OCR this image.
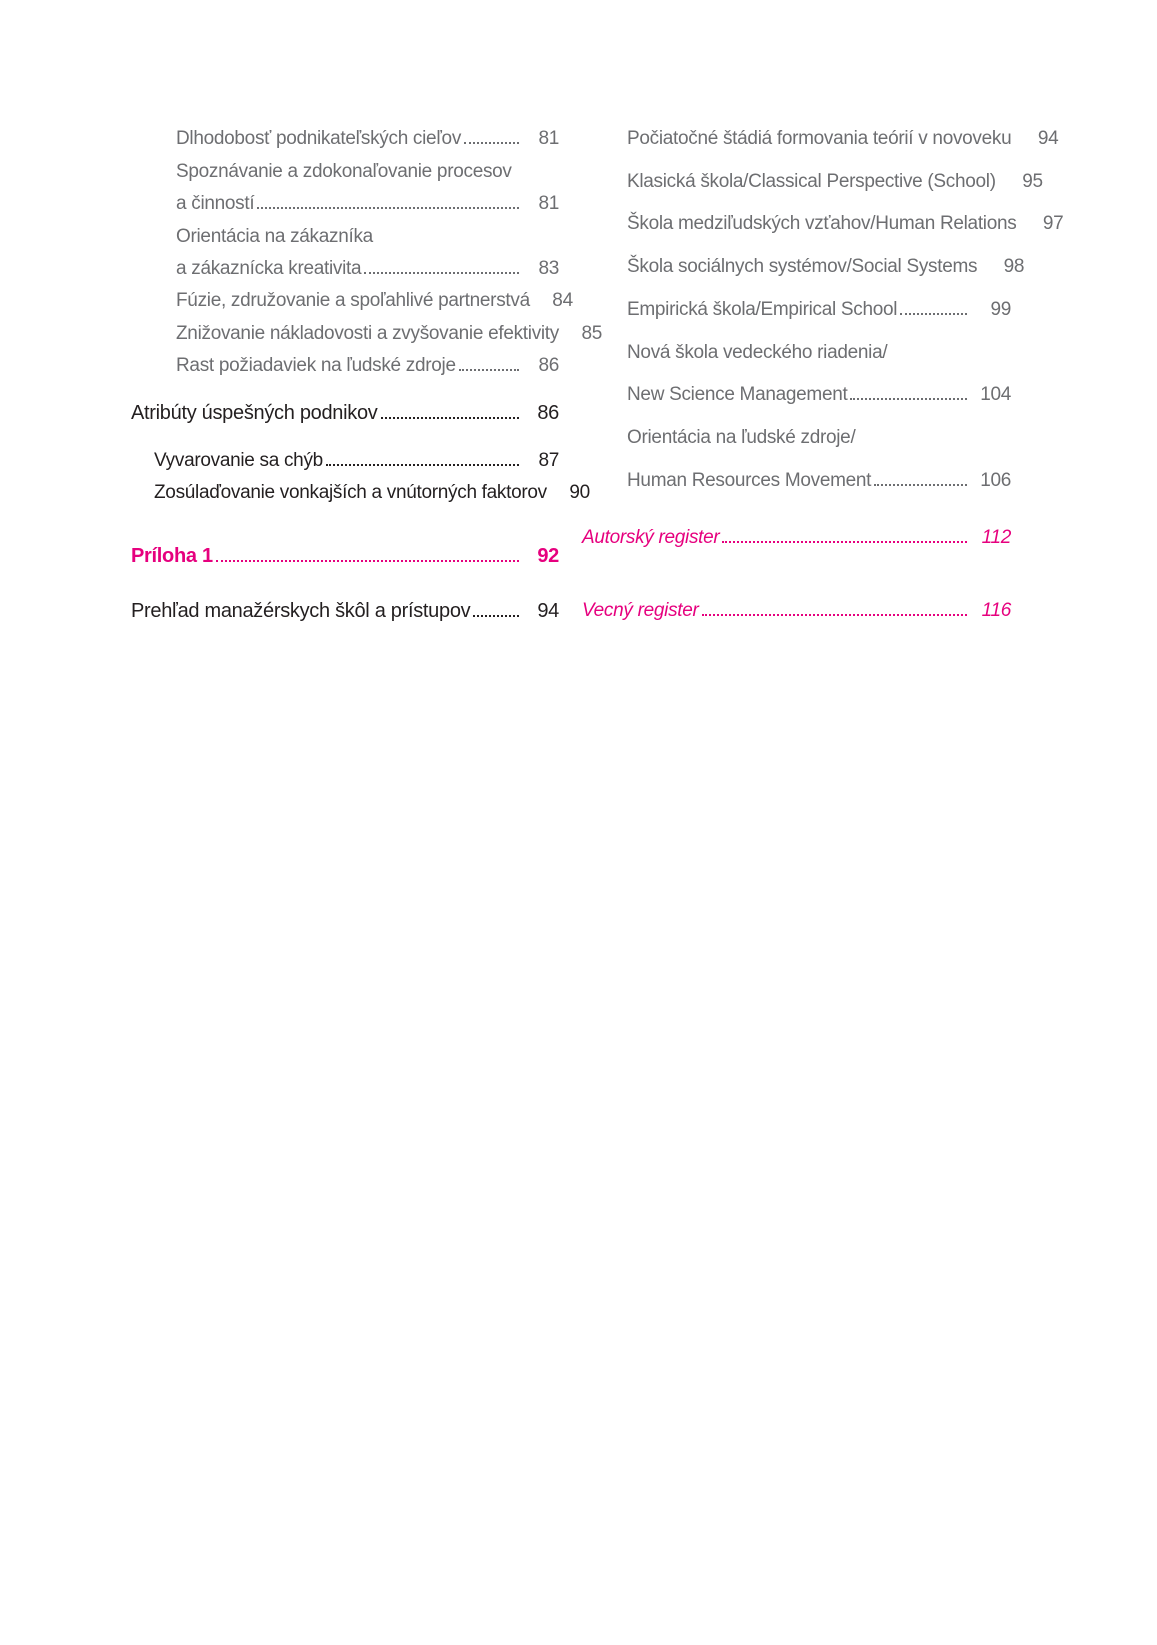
Dlhodobosť podnikateľských cieľov	81
Spoznávanie a zdokonaľovanie procesov
a činností	81
Orientácia na zákazníka
a zákaznícka kreativita	83
Fúzie, združovanie a spoľahlivé partnerstvá	84
Znižovanie nákladovosti a zvyšovanie efektivity	85
Rast požiadaviek na ľudské zdroje	86
Atribúty úspešných podnikov	86
Vyvarovanie sa chýb	87
Zosúlaďovanie vonkajších a vnútorných faktorov	90
Príloha 1	92
Prehľad manažérskych škôl a prístupov	94
Počiatočné štádiá formovania teórií v novoveku	94
Klasická škola/Classical Perspective (School)	95
Škola medziľudských vzťahov/Human Relations	97
Škola sociálnych systémov/Social Systems	98
Empirická škola/Empirical School	99
Nová škola vedeckého riadenia/
New Science Management	104
Orientácia na ľudské zdroje/
Human Resources Movement	106
Autorský register	112
Vecný register	116
